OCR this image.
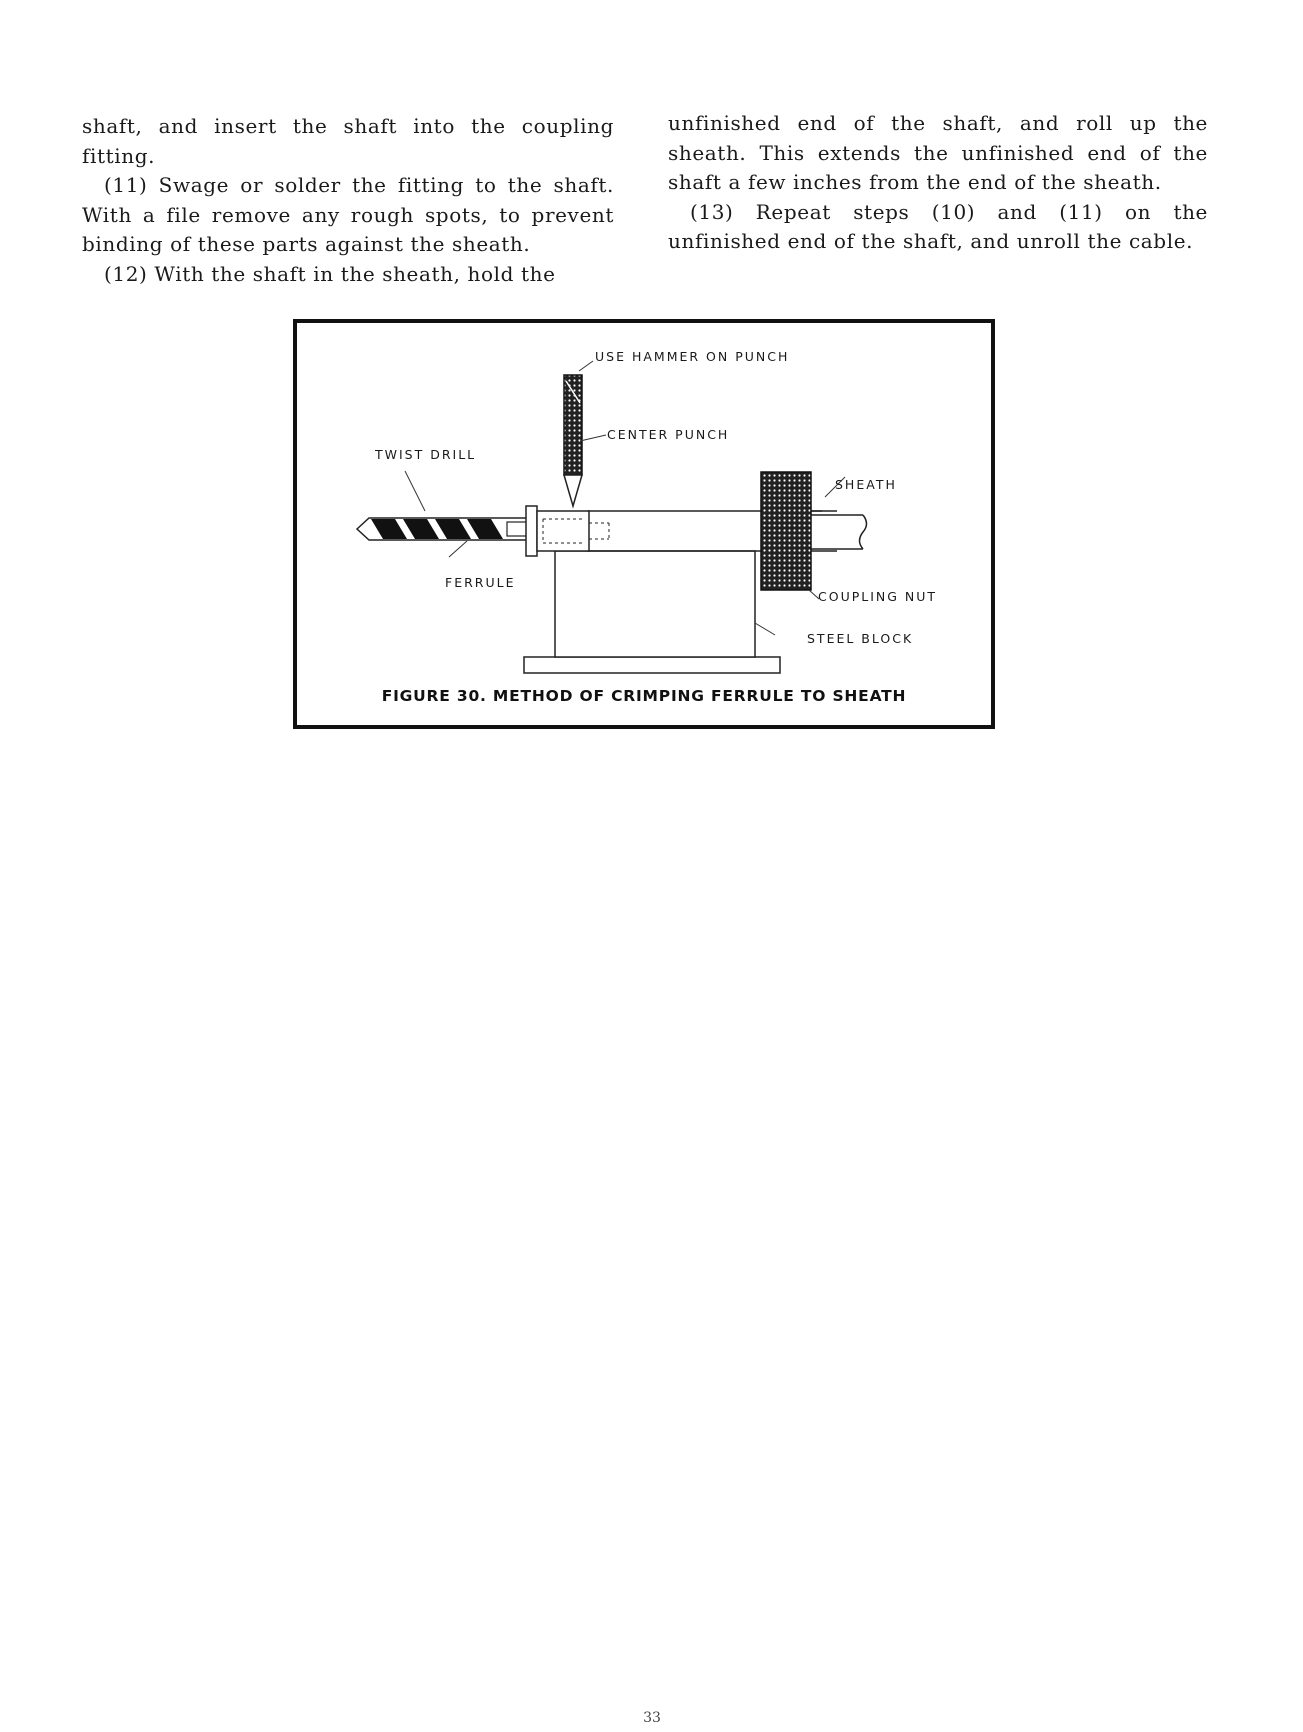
shaft, and insert the shaft into the coupling fitting.

(11) Swage or solder the fitting to the shaft. With a file remove any rough spots, to prevent binding of these parts against the sheath.

(12) With the shaft in the sheath, hold the

unfinished end of the shaft, and roll up the sheath. This extends the unfinished end of the shaft a few inches from the end of the sheath.

(13) Repeat steps (10) and (11) on the unfinished end of the shaft, and unroll the cable.

USE HAMMER ON PUNCH
CENTER PUNCH
TWIST DRILL
SHEATH
FERRULE
COUPLING NUT
STEEL BLOCK
FIGURE 30. METHOD OF CRIMPING FERRULE TO SHEATH
33
